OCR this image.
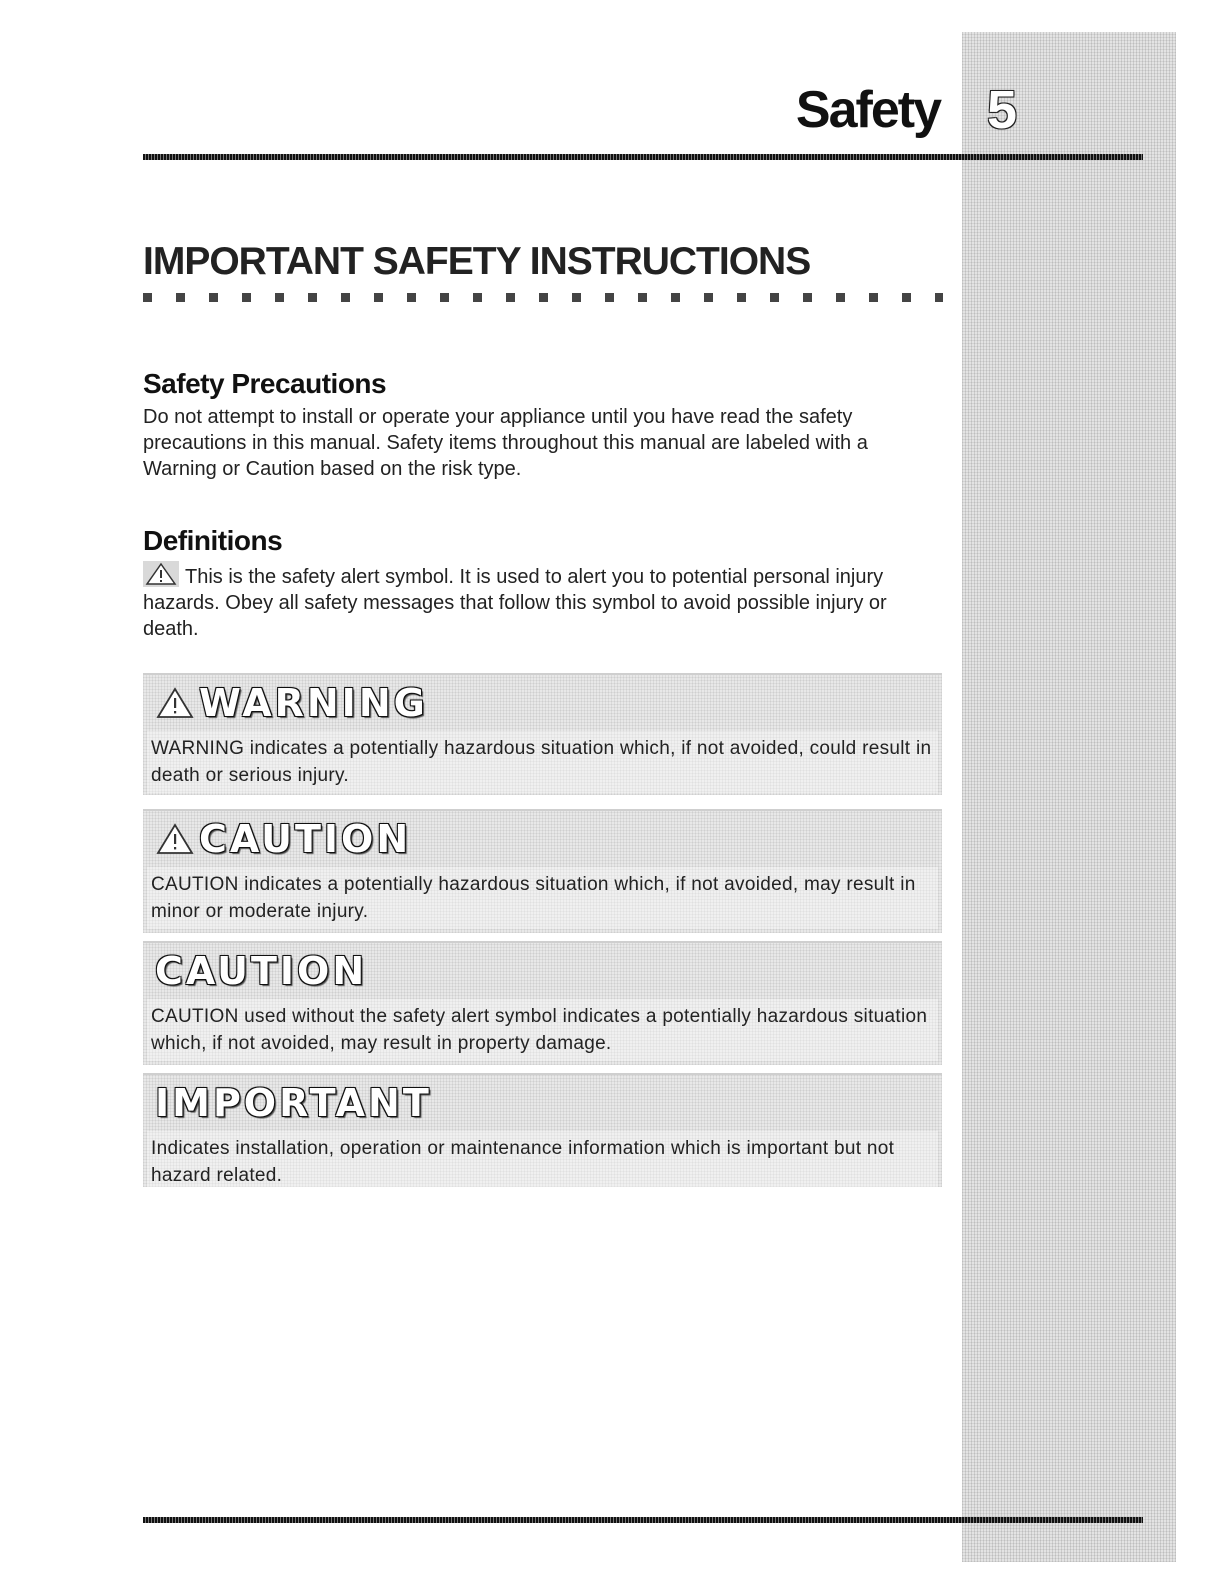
Safety 5
IMPORTANT SAFETY INSTRUCTIONS
Safety Precautions

Do not attempt to install or operate your appliance until you have read the safety precautions in this manual. Safety items throughout this manual are labeled with a Warning or Caution based on the risk type.

Definitions

This is the safety alert symbol. It is used to alert you to potential personal injury hazards. Obey all safety messages that follow this symbol to avoid possible injury or death.

WARNING
WARNING indicates a potentially hazardous situation which, if not avoided, could result in death or serious injury.
CAUTION
CAUTION indicates a potentially hazardous situation which, if not avoided, may result in minor or moderate injury.
CAUTION
CAUTION used without the safety alert symbol indicates a potentially hazardous situation which, if not avoided, may result in property damage.
IMPORTANT
Indicates installation, operation or maintenance information which is important but not hazard related.
